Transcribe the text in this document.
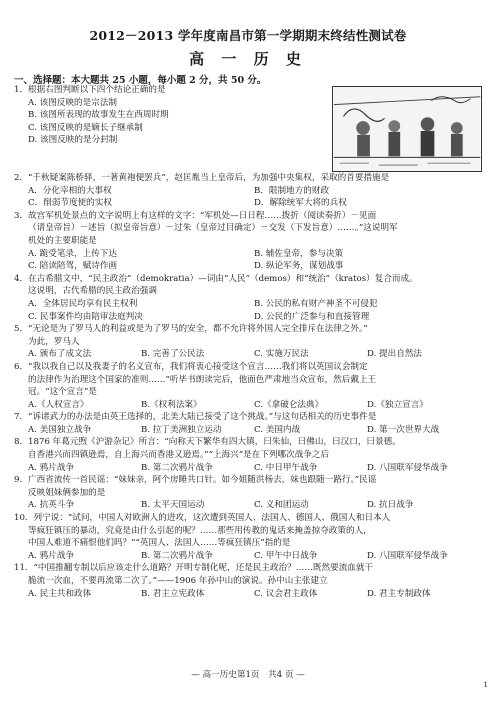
2012－2013 学年度南昌市第一学期期末终结性测试卷
高 一 历 史
一、选择题：本大题共 25 小题，每小题 2 分，共 50 分。
1．根据右图判断以下四个结论正确的是
A. 该图反映的是宗法制
B. 该图所表现的故事发生在西周时期
C. 该图反映的是嫡长子继承制
D. 该图反映的是分封制
2．“千秋疑案陈桥驿，一著黄袍便罢兵”，赵匡胤当上皇帝后，为加强中央集权，采取的首要措施是
A．分化宰相的大事权	B．限制地方的财政
C．削弱节度使的实权	D．解除统军大将的兵权
3．故宫军机处景点的文字说明上有这样的文字：“军机处—日日程……拨折（阅读奏折）－见面
（请皇帝旨）－述旨（拟皇帝旨意）－过朱（皇帝过目确定）－交发（下发旨意）……。”这说明军
机处的主要职能是
A. 跪受笔录，上传下达	B. 辅佐皇帝，参与决策
C. 陪读陪驾，赋诗作画	D. 纵论军务，谋划战事
4．在古希腊文中，“民主政治”（demokratia）—词由“人民”（demos）和“统治”（kratos）复合而成。
这说明，古代希腊的民主政治强调
A．全体居民均享有民主权利	B. 公民的私有财产神圣不可侵犯
C. 民事案件均由陪审法庭判决	D. 公民的广泛参与和直接管理
5．“无论是为了罗马人的利益或是为了罗马的安全，都不允许将外国人完全排斥在法律之外。”
为此，罗马人
A. 颁布了成文法	B. 完善了公民法	C. 实施万民法	D. 提出自然法
6．“我以我自己以及我妻子的名义宣布，我们将衷心接受这个宣言……我们将以英国议会制定
的法律作为治理这个国家的准则……”听毕书朗读完后，他面色严肃地当众宣布，然后戴上王
冠。“这个宣言”是
A.《人权宣言》	B.《权利法案》	C.《拿破仑法典》	D.《独立宣言》
7．“诉诸武力的办法是由英王选择的，北美大陆已接受了这个挑战。”与这句话相关的历史事件是
A. 美国独立战争	B. 拉丁美洲独立运动	C. 美国内战	D. 第一次世界大战
8．1876 年葛元煦《沪游杂记》所言：“向称天下繁华有四大镇，曰朱仙，曰佛山，曰汉口，曰景德。
自香港兴而四镇逊焉，自上海兴而香港又逊焉。”“上海兴”是在下列哪次战争之后
A. 鸦片战争	B. 第二次鸦片战争	C. 中日甲午战争	D. 八国联军侵华战争
9．广西省流传一首民谣：“妹妹亲，阿个房睡共口针。如今姐随洪杨去，妹也跟随一路行。”民谣
反映姐妹俩参加的是
A. 抗英斗争	B. 太平天国运动	C. 义和团运动	D. 抗日战争
10．列宁说：“试问，中国人对欧洲人的进攻，这次遭到英国人、法国人、德国人、俄国人和日本人
等疯狂镇压的暴动，究竟是由什么引起的呢？……那些用传教的鬼话来掩盖掠夺政策的人，
中国人难道不痛恨他们吗？”“英国人、法国人……等疯狂镇压”指的是
A. 鸦片战争	B. 第二次鸦片战争	C. 甲午中日战争	D. 八国联军侵华战争
11．“中国推翻专制以后应该走什么道路？开明专制化呢，还是民主政治？……既然要流血就干
脆流一次血，不要再流第二次了。”——1906 年孙中山的演说。孙中山主张建立
A. 民主共和政体	B. 君主立宪政体	C. 议会君主政体	D. 君主专制政体
— 高一历史第1页　共4 页 —
1
